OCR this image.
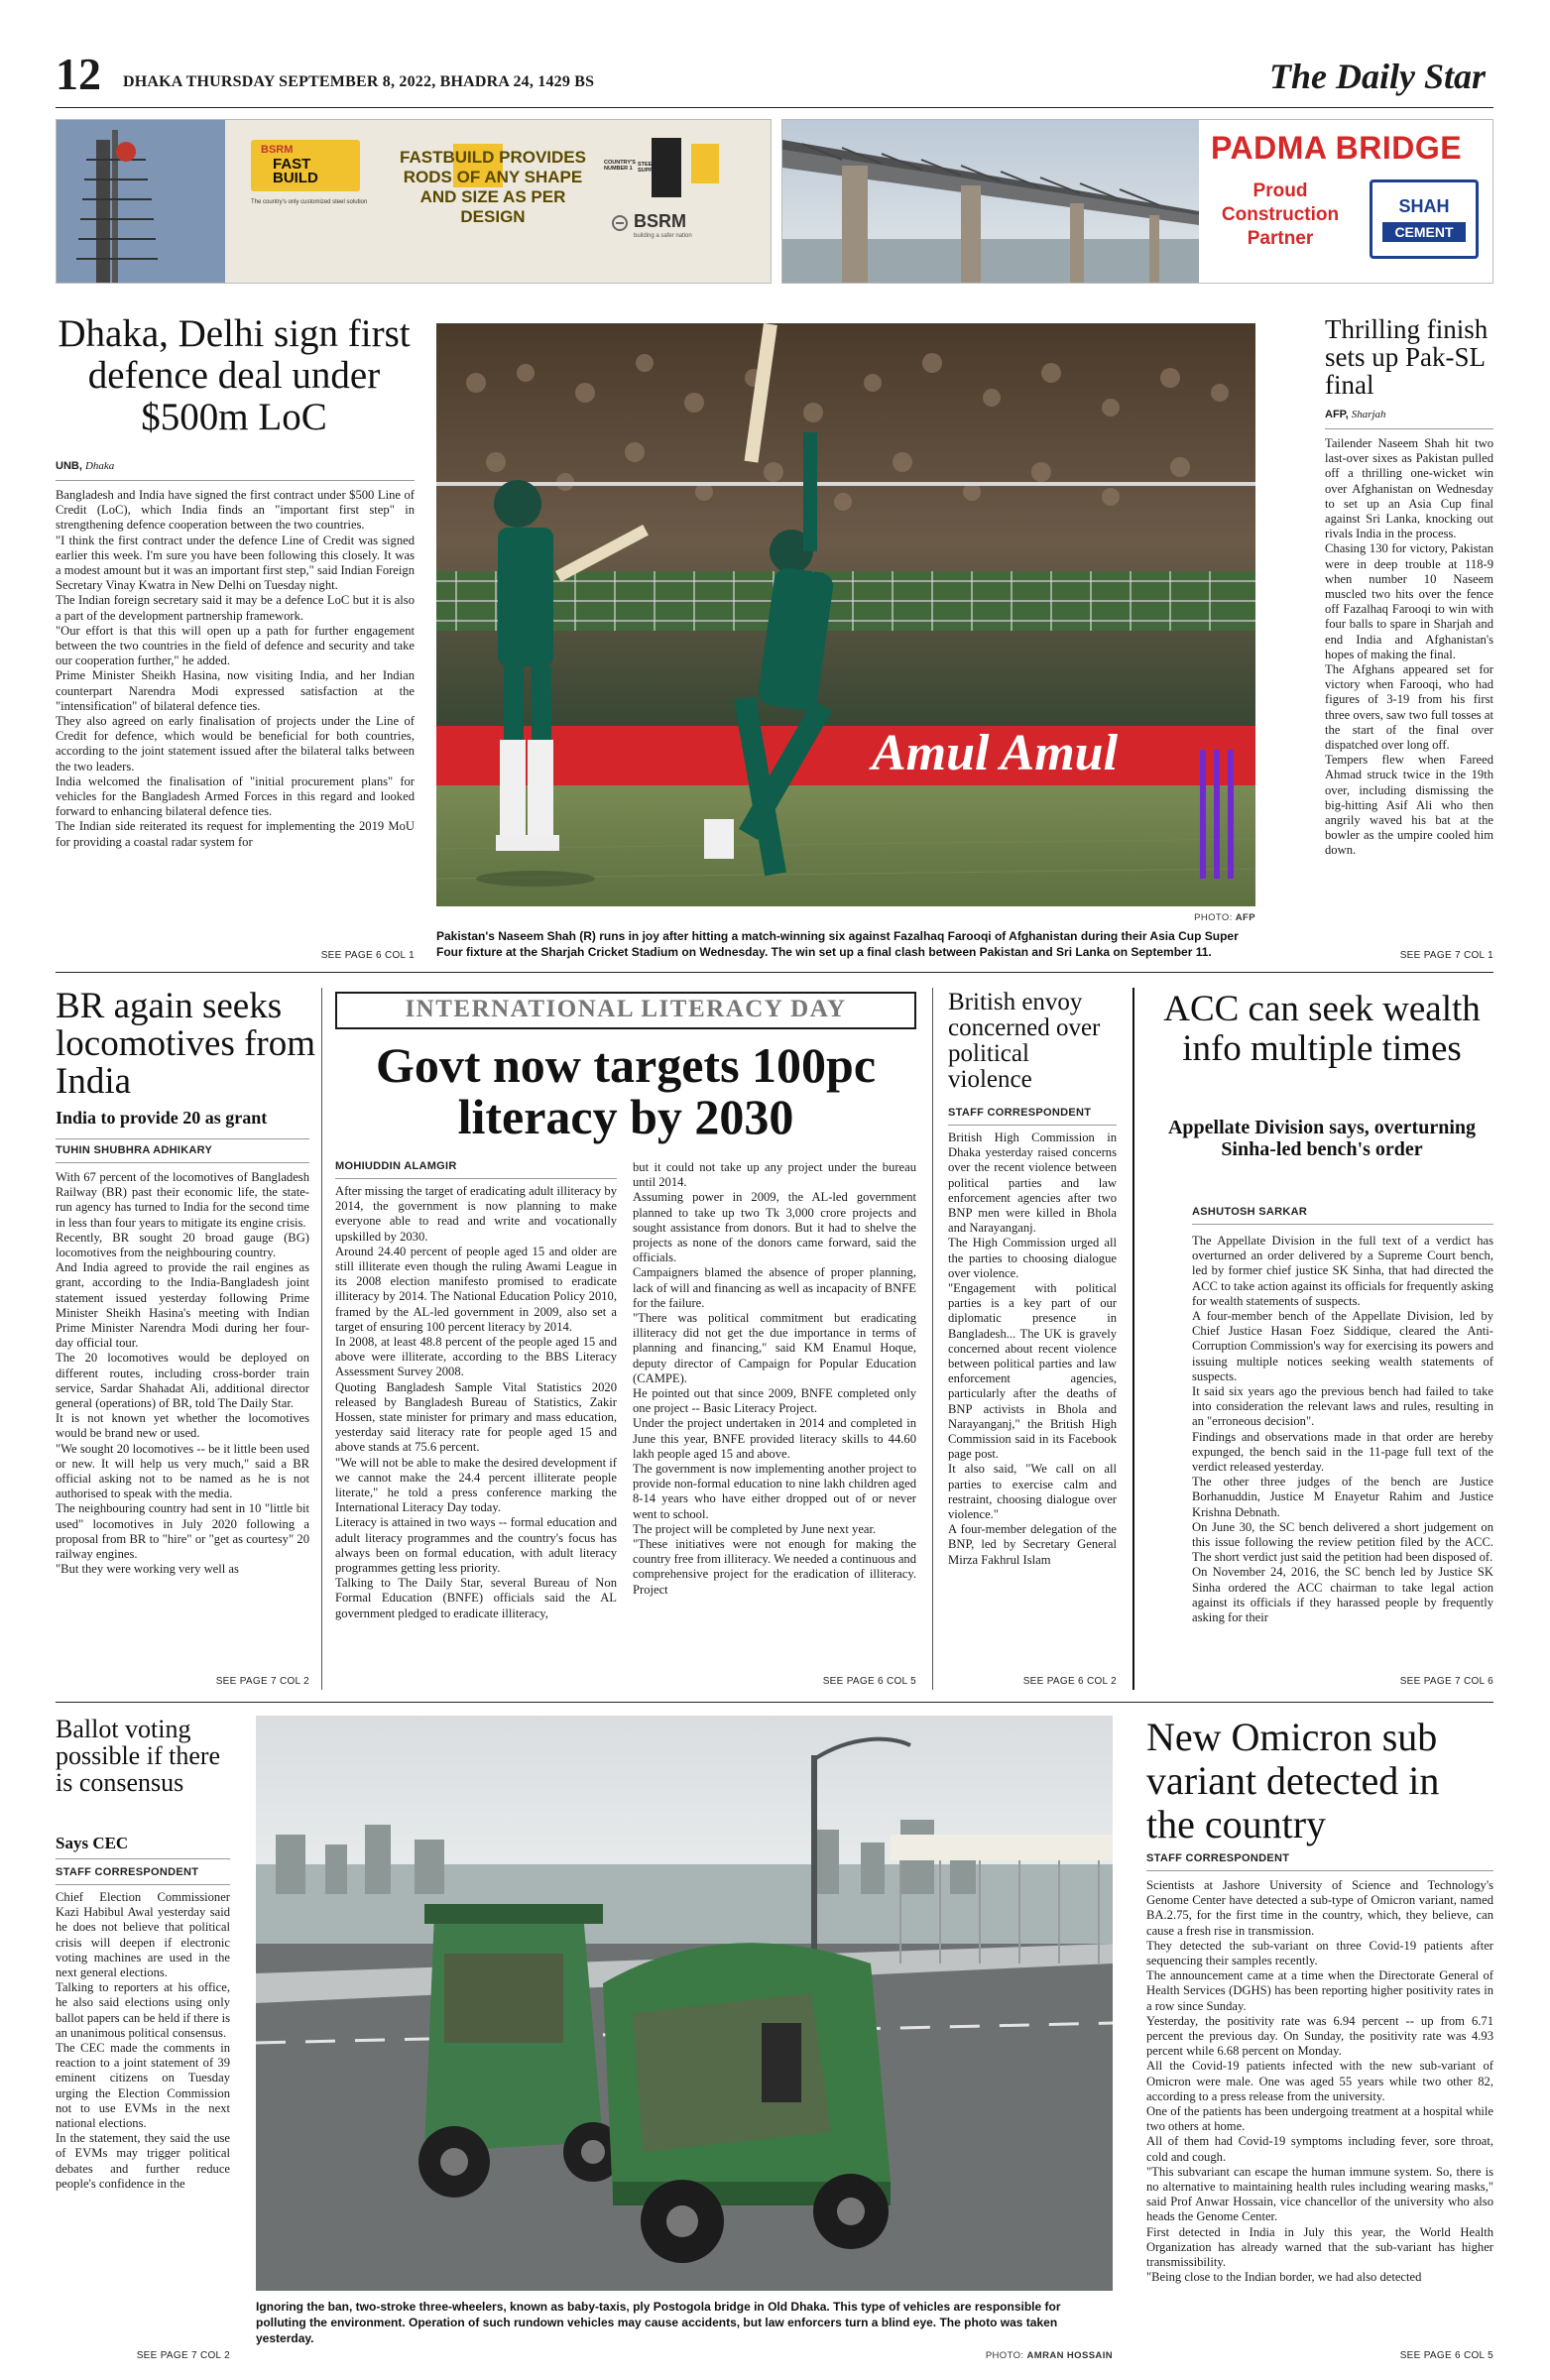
12 DHAKA THURSDAY SEPTEMBER 8, 2022, BHADRA 24, 1429 BS	The Daily Star
BSRM
FAST BUILD
The country's only customized steel solution
FASTBUILD PROVIDES RODS OF ANY SHAPE AND SIZE AS PER DESIGN
COUNTRY'S NUMBER 1
STEEL SUPPLIER
BSRM
building a safer nation
PADMA BRIDGE
Proud
Construction
Partner
SHAH
CEMENT
Dhaka, Delhi sign first defence deal under $500m LoC
UNB, Dhaka
Bangladesh and India have signed the first contract under $500 Line of Credit (LoC), which India finds an "important first step" in strengthening defence cooperation between the two countries.
"I think the first contract under the defence Line of Credit was signed earlier this week. I'm sure you have been following this closely. It was a modest amount but it was an important first step," said Indian Foreign Secretary Vinay Kwatra in New Delhi on Tuesday night.
The Indian foreign secretary said it may be a defence LoC but it is also a part of the development partnership framework.
"Our effort is that this will open up a path for further engagement between the two countries in the field of defence and security and take our cooperation further," he added.
Prime Minister Sheikh Hasina, now visiting India, and her Indian counterpart Narendra Modi expressed satisfaction at the "intensification" of bilateral defence ties.
They also agreed on early finalisation of projects under the Line of Credit for defence, which would be beneficial for both countries, according to the joint statement issued after the bilateral talks between the two leaders.
India welcomed the finalisation of "initial procurement plans" for vehicles for the Bangladesh Armed Forces in this regard and looked forward to enhancing bilateral defence ties.
The Indian side reiterated its request for implementing the 2019 MoU for providing a coastal radar system for
SEE PAGE 6 COL 1
Amul Amul
PHOTO: AFP
Pakistan's Naseem Shah (R) runs in joy after hitting a match-winning six against Fazalhaq Farooqi of Afghanistan during their Asia Cup Super Four fixture at the Sharjah Cricket Stadium on Wednesday. The win set up a final clash between Pakistan and Sri Lanka on September 11.
Thrilling finish sets up Pak-SL final
AFP, Sharjah
Tailender Naseem Shah hit two last-over sixes as Pakistan pulled off a thrilling one-wicket win over Afghanistan on Wednesday to set up an Asia Cup final against Sri Lanka, knocking out rivals India in the process.
Chasing 130 for victory, Pakistan were in deep trouble at 118-9 when number 10 Naseem muscled two hits over the fence off Fazalhaq Farooqi to win with four balls to spare in Sharjah and end India and Afghanistan's hopes of making the final.
The Afghans appeared set for victory when Farooqi, who had figures of 3-19 from his first three overs, saw two full tosses at the start of the final over dispatched over long off.
Tempers flew when Fareed Ahmad struck twice in the 19th over, including dismissing the big-hitting Asif Ali who then angrily waved his bat at the bowler as the umpire cooled him down.
SEE PAGE 7 COL 1
BR again seeks locomotives from India
India to provide 20 as grant
TUHIN SHUBHRA ADHIKARY
With 67 percent of the locomotives of Bangladesh Railway (BR) past their economic life, the state-run agency has turned to India for the second time in less than four years to mitigate its engine crisis.
Recently, BR sought 20 broad gauge (BG) locomotives from the neighbouring country.
And India agreed to provide the rail engines as grant, according to the India-Bangladesh joint statement issued yesterday following Prime Minister Sheikh Hasina's meeting with Indian Prime Minister Narendra Modi during her four-day official tour.
The 20 locomotives would be deployed on different routes, including cross-border train service, Sardar Shahadat Ali, additional director general (operations) of BR, told The Daily Star.
It is not known yet whether the locomotives would be brand new or used.
"We sought 20 locomotives -- be it little been used or new. It will help us very much," said a BR official asking not to be named as he is not authorised to speak with the media.
The neighbouring country had sent in 10 "little bit used" locomotives in July 2020 following a proposal from BR to "hire" or "get as courtesy" 20 railway engines.
"But they were working very well as
SEE PAGE 7 COL 2
INTERNATIONAL LITERACY DAY
Govt now targets 100pc literacy by 2030
MOHIUDDIN ALAMGIR
After missing the target of eradicating adult illiteracy by 2014, the government is now planning to make everyone able to read and write and vocationally upskilled by 2030.
Around 24.40 percent of people aged 15 and older are still illiterate even though the ruling Awami League in its 2008 election manifesto promised to eradicate illiteracy by 2014. The National Education Policy 2010, framed by the AL-led government in 2009, also set a target of ensuring 100 percent literacy by 2014.
In 2008, at least 48.8 percent of the people aged 15 and above were illiterate, according to the BBS Literacy Assessment Survey 2008.
Quoting Bangladesh Sample Vital Statistics 2020 released by Bangladesh Bureau of Statistics, Zakir Hossen, state minister for primary and mass education, yesterday said literacy rate for people aged 15 and above stands at 75.6 percent.
"We will not be able to make the desired development if we cannot make the 24.4 percent illiterate people literate," he told a press conference marking the International Literacy Day today.
Literacy is attained in two ways -- formal education and adult literacy programmes and the country's focus has always been on formal education, with adult literacy programmes getting less priority.
Talking to The Daily Star, several Bureau of Non Formal Education (BNFE) officials said the AL government pledged to eradicate illiteracy,
but it could not take up any project under the bureau until 2014.
Assuming power in 2009, the AL-led government planned to take up two Tk 3,000 crore projects and sought assistance from donors. But it had to shelve the projects as none of the donors came forward, said the officials.
Campaigners blamed the absence of proper planning, lack of will and financing as well as incapacity of BNFE for the failure.
"There was political commitment but eradicating illiteracy did not get the due importance in terms of planning and financing," said KM Enamul Hoque, deputy director of Campaign for Popular Education (CAMPE).
He pointed out that since 2009, BNFE completed only one project -- Basic Literacy Project.
Under the project undertaken in 2014 and completed in June this year, BNFE provided literacy skills to 44.60 lakh people aged 15 and above.
The government is now implementing another project to provide non-formal education to nine lakh children aged 8-14 years who have either dropped out of or never went to school.
The project will be completed by June next year.
"These initiatives were not enough for making the country free from illiteracy. We needed a continuous and comprehensive project for the eradication of illiteracy. Project
SEE PAGE 6 COL 5
British envoy concerned over political violence
STAFF CORRESPONDENT
British High Commission in Dhaka yesterday raised concerns over the recent violence between political parties and law enforcement agencies after two BNP men were killed in Bhola and Narayanganj.
The High Commission urged all the parties to choosing dialogue over violence.
"Engagement with political parties is a key part of our diplomatic presence in Bangladesh... The UK is gravely concerned about recent violence between political parties and law enforcement agencies, particularly after the deaths of BNP activists in Bhola and Narayanganj," the British High Commission said in its Facebook page post.
It also said, "We call on all parties to exercise calm and restraint, choosing dialogue over violence."
A four-member delegation of the BNP, led by Secretary General Mirza Fakhrul Islam
SEE PAGE 6 COL 2
ACC can seek wealth info multiple times
Appellate Division says, overturning Sinha-led bench's order
ASHUTOSH SARKAR
The Appellate Division in the full text of a verdict has overturned an order delivered by a Supreme Court bench, led by former chief justice SK Sinha, that had directed the ACC to take action against its officials for frequently asking for wealth statements of suspects.
A four-member bench of the Appellate Division, led by Chief Justice Hasan Foez Siddique, cleared the Anti-Corruption Commission's way for exercising its powers and issuing multiple notices seeking wealth statements of suspects.
It said six years ago the previous bench had failed to take into consideration the relevant laws and rules, resulting in an "erroneous decision".
Findings and observations made in that order are hereby expunged, the bench said in the 11-page full text of the verdict released yesterday.
The other three judges of the bench are Justice Borhanuddin, Justice M Enayetur Rahim and Justice Krishna Debnath.
On June 30, the SC bench delivered a short judgement on this issue following the review petition filed by the ACC. The short verdict just said the petition had been disposed of.
On November 24, 2016, the SC bench led by Justice SK Sinha ordered the ACC chairman to take legal action against its officials if they harassed people by frequently asking for their
SEE PAGE 7 COL 6
Ballot voting possible if there is consensus
Says CEC
STAFF CORRESPONDENT
Chief Election Commissioner Kazi Habibul Awal yesterday said he does not believe that political crisis will deepen if electronic voting machines are used in the next general elections.
Talking to reporters at his office, he also said elections using only ballot papers can be held if there is an unanimous political consensus.
The CEC made the comments in reaction to a joint statement of 39 eminent citizens on Tuesday urging the Election Commission not to use EVMs in the next national elections.
In the statement, they said the use of EVMs may trigger political debates and further reduce people's confidence in the
SEE PAGE 7 COL 2
Ignoring the ban, two-stroke three-wheelers, known as baby-taxis, ply Postogola bridge in Old Dhaka. This type of vehicles are responsible for polluting the environment. Operation of such rundown vehicles may cause accidents, but law enforcers turn a blind eye. The photo was taken yesterday.
PHOTO: AMRAN HOSSAIN
New Omicron sub variant detected in the country
STAFF CORRESPONDENT
Scientists at Jashore University of Science and Technology's Genome Center have detected a sub-type of Omicron variant, named BA.2.75, for the first time in the country, which, they believe, can cause a fresh rise in transmission.
They detected the sub-variant on three Covid-19 patients after sequencing their samples recently.
The announcement came at a time when the Directorate General of Health Services (DGHS) has been reporting higher positivity rates in a row since Sunday.
Yesterday, the positivity rate was 6.94 percent -- up from 6.71 percent the previous day. On Sunday, the positivity rate was 4.93 percent while 6.68 percent on Monday.
All the Covid-19 patients infected with the new sub-variant of Omicron were male. One was aged 55 years while two other 82, according to a press release from the university.
One of the patients has been undergoing treatment at a hospital while two others at home.
All of them had Covid-19 symptoms including fever, sore throat, cold and cough.
"This subvariant can escape the human immune system. So, there is no alternative to maintaining health rules including wearing masks," said Prof Anwar Hossain, vice chancellor of the university who also heads the Genome Center.
First detected in India in July this year, the World Health Organization has already warned that the sub-variant has higher transmissibility.
"Being close to the Indian border, we had also detected
SEE PAGE 6 COL 5
